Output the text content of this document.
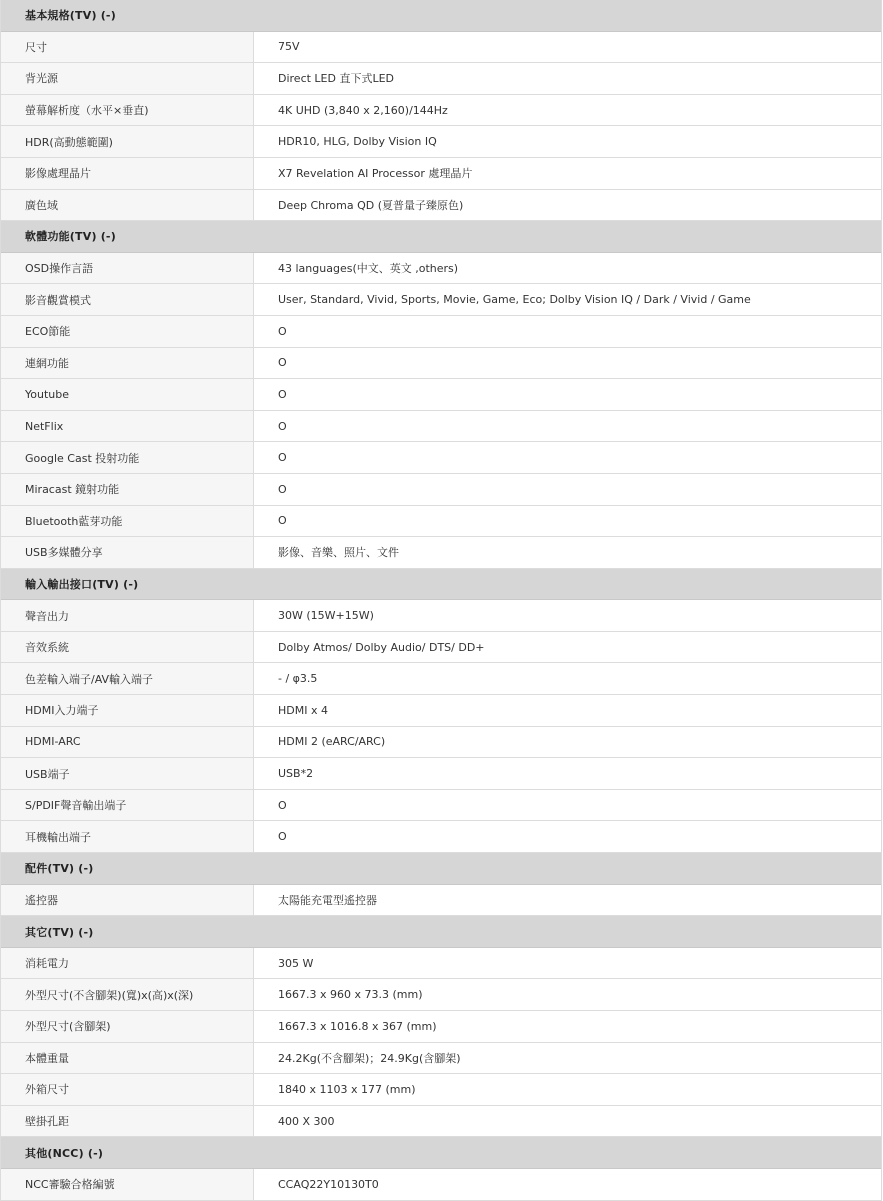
基本規格(TV) (-)
尺寸	75V
背光源	Direct LED 直下式LED
螢幕解析度（水平×垂直)	4K UHD (3,840 x 2,160)/144Hz
HDR(高動態範圍)	HDR10, HLG, Dolby Vision IQ
影像處理晶片	X7 Revelation AI Processor 處理晶片
廣色域	Deep Chroma QD (夏普量子臻原色)
軟體功能(TV) (-)
OSD操作言語	43 languages(中文、英文 ,others)
影音觀賞模式	User, Standard, Vivid, Sports, Movie, Game, Eco; Dolby Vision IQ / Dark / Vivid / Game
ECO節能	O
連網功能	O
Youtube	O
NetFlix	O
Google Cast 投射功能	O
Miracast 鏡射功能	O
Bluetooth藍芽功能	O
USB多媒體分享	影像、音樂、照片、文件
輸入輸出接口(TV) (-)
聲音出力	30W (15W+15W)
音效系統	Dolby Atmos/ Dolby Audio/ DTS/ DD+
色差輸入端子/AV輸入端子	- / φ3.5
HDMI入力端子	HDMI x 4
HDMI-ARC	HDMI 2 (eARC/ARC)
USB端子	USB*2
S/PDIF聲音輸出端子	O
耳機輸出端子	O
配件(TV) (-)
遙控器	太陽能充電型遙控器
其它(TV) (-)
消耗電力	305 W
外型尺寸(不含腳架)(寬)x(高)x(深)	1667.3 x 960 x 73.3 (mm)
外型尺寸(含腳架)	1667.3 x 1016.8 x 367 (mm)
本體重量	24.2Kg(不含腳架)；24.9Kg(含腳架)
外箱尺寸	1840 x 1103 x 177 (mm)
壁掛孔距	400 X 300
其他(NCC) (-)
NCC審驗合格編號	CCAQ22Y10130T0
